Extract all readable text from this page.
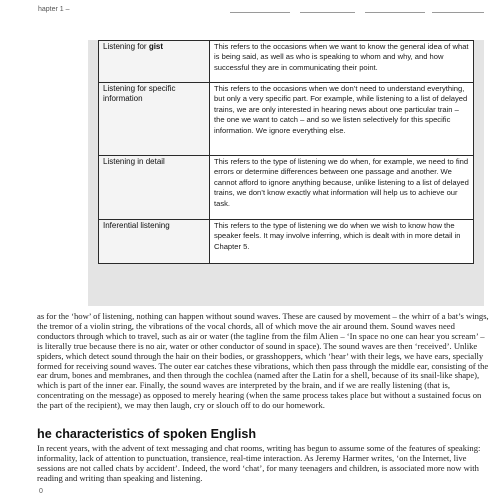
hapter 1 –
Listening for gist	This refers to the occasions when we want to know the general idea of what is being said, as well as who is speaking to whom and why, and how successful they are in communicating their point.
Listening for specific information	This refers to the occasions when we don’t need to understand everything, but only a very specific part. For example, while listening to a list of delayed trains, we are only interested in hearing news about one particular train – the one we want to catch – and so we listen selectively for this specific information. We ignore everything else.
Listening in detail	This refers to the type of listening we do when, for example, we need to find errors or determine differences between one passage and another. We cannot afford to ignore anything because, unlike listening to a list of delayed trains, we don’t know exactly what information will help us to achieve our task.
Inferential listening	This refers to the type of listening we do when we wish to know how the speaker feels. It may involve inferring, which is dealt with in more detail in Chapter 5.

as for the ‘how’ of listening, nothing can happen without sound waves. These are caused by movement – the whirr of a bat’s wings, the tremor of a violin string, the vibrations of the vocal chords, all of which move the air around them. Sound waves need conductors through which to travel, such as air or water (the tagline from the film Alien – ‘In space no one can hear you scream’ – is literally true because there is no air, water or other conductor of sound in space). The sound waves are then ‘received’. Unlike spiders, which detect sound through the hair on their bodies, or grasshoppers, which ‘hear’ with their legs, we have ears, specially formed for receiving sound waves. The outer ear catches these vibrations, which then pass through the middle ear, consisting of the ear drum, bones and membranes, and then through the cochlea (named after the Latin for a shell, because of its snail-like shape), which is part of the inner ear. Finally, the sound waves are interpreted by the brain, and if we are really listening (that is, concentrating on the message) as opposed to merely hearing (when the same process takes place but without a sustained focus on the part of the recipient), we may then laugh, cry or slouch off to do our homework.

he characteristics of spoken English

In recent years, with the advent of text messaging and chat rooms, writing has begun to assume some of the features of speaking: informality, lack of attention to punctuation, transience, real-time interaction. As Jeremy Harmer writes, ‘on the Internet, live sessions are not called chats by accident’. Indeed, the word ‘chat’, for many teenagers and children, is associated more now with reading and writing than speaking and listening.

0
